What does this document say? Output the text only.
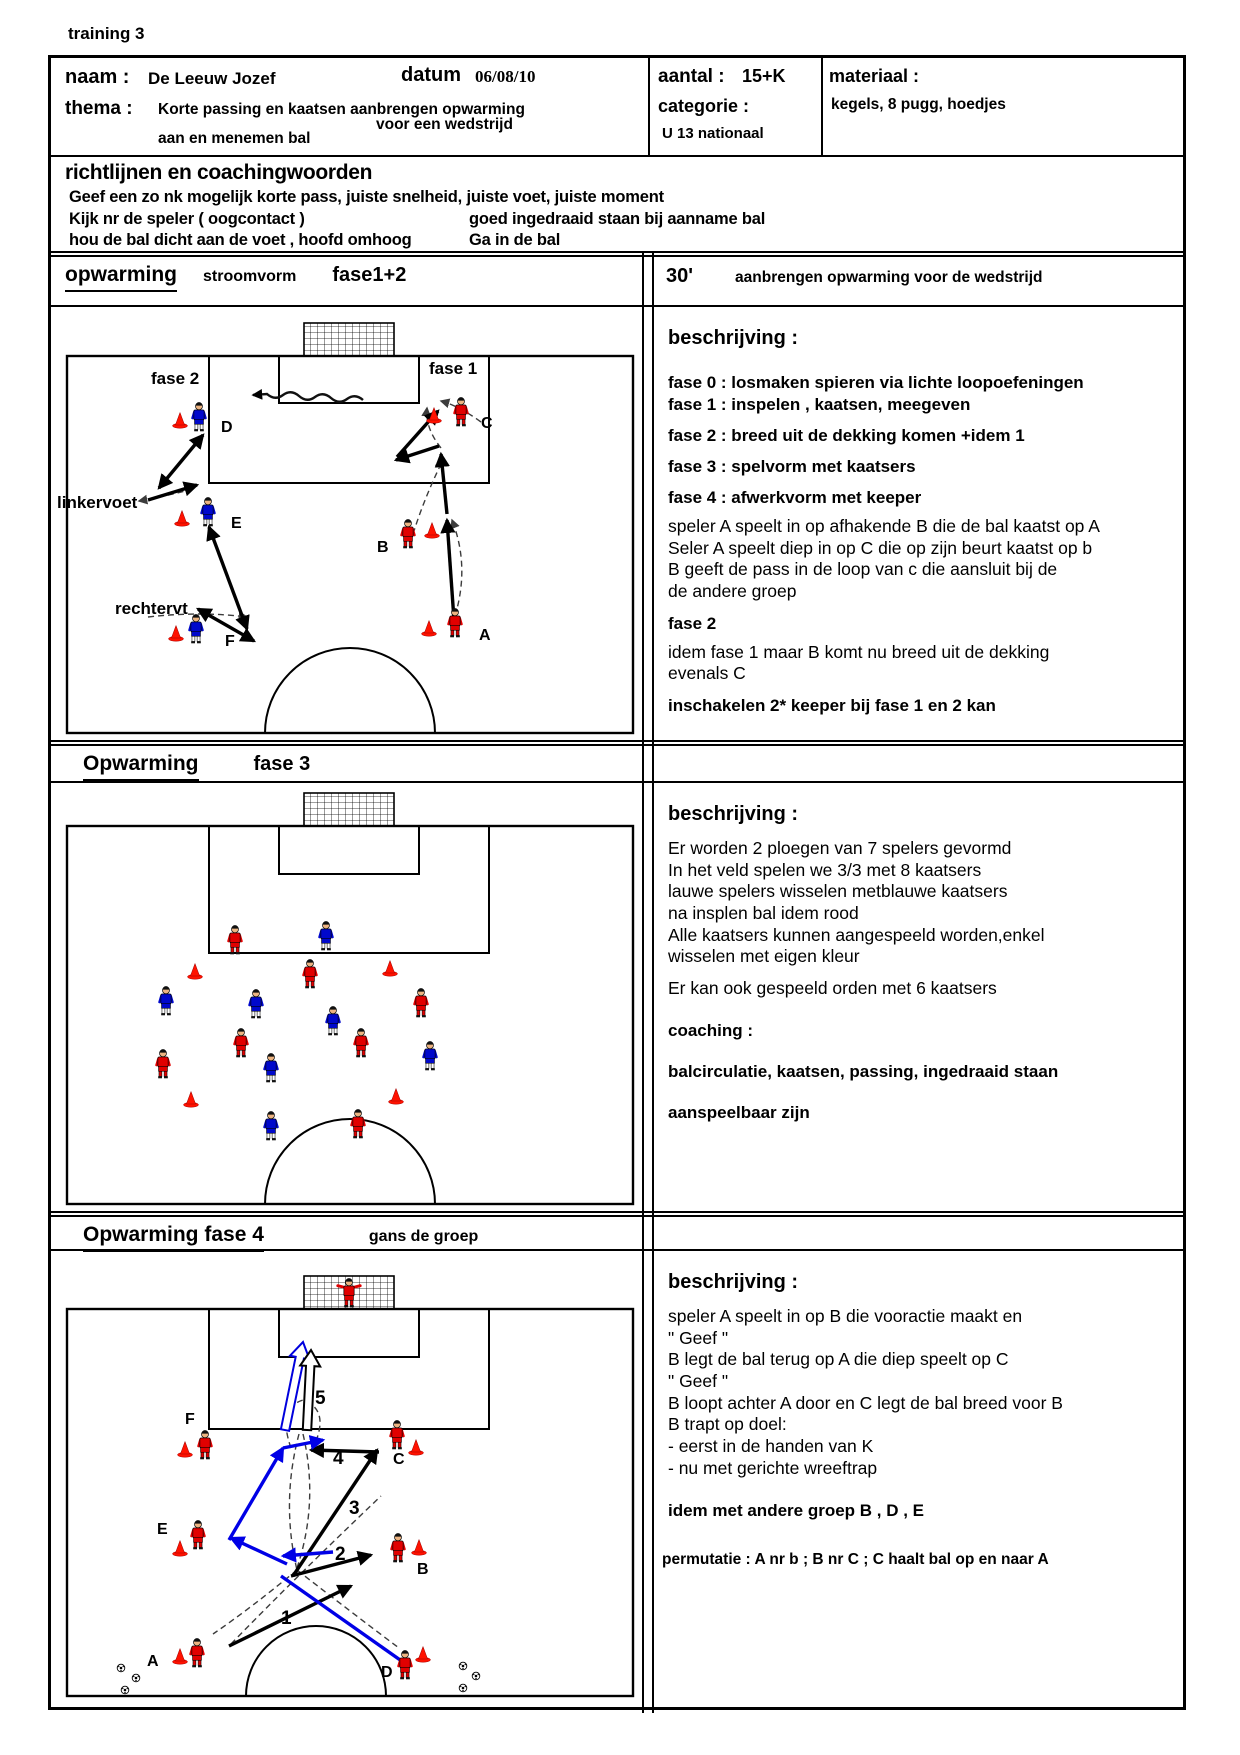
training 3
naam : De Leeuw Jozef	datum 06/08/10
thema : Korte passing en kaatsen aanbrengen opwarming
voor een wedstrijd
aan en menemen bal
aantal : 15+K
categorie :
U 13 nationaal
materiaal :
kegels, 8 pugg, hoedjes
richtlijnen en coachingwoorden
Geef een zo nk mogelijk korte pass, juiste snelheid, juiste voet, juiste moment
Kijk nr de speler ( oogcontact )	goed ingedraaid staan bij aanname bal
hou de bal dicht aan de voet , hoofd omhoog	Ga in de bal
opwarming stroomvorm fase1+2	30'	aanbrengen opwarming voor de wedstrijd
fase 2
fase 1
D	C
linkervoet
E
B
rechtervt
F	A
beschrijving :
fase 0 : losmaken spieren via lichte loopoefeningen
fase 1 : inspelen , kaatsen, meegeven
fase 2 : breed uit de dekking komen +idem 1
fase 3 : spelvorm met kaatsers
fase 4 : afwerkvorm met keeper
speler A speelt in op afhakende B die de bal kaatst op A
Seler A speelt diep in op C die op zijn beurt kaatst op b
B geeft de pass in de loop van c die aansluit bij de
de andere groep
fase 2
idem fase 1 maar B komt nu breed uit de dekking
evenals C
inschakelen 2* keeper bij fase 1 en 2 kan
Opwarming	fase 3
beschrijving :
Er worden 2 ploegen van 7 spelers gevormd
In het veld spelen we 3/3 met 8 kaatsers
lauwe spelers wisselen metblauwe kaatsers
na insplen bal idem rood
Alle kaatsers kunnen aangespeeld worden,enkel
wisselen met eigen kleur
Er kan ook gespeeld orden met 6 kaatsers
coaching :
balcirculatie, kaatsen, passing, ingedraaid staan
aanspeelbaar zijn
Opwarming fase 4	gans de groep
F
C
E
B
A
D
5
4
3
2
1
beschrijving :
speler A speelt in op B die vooractie maakt en
" Geef "
B legt de bal terug op A die diep speelt op C
" Geef "
B loopt achter A door en C legt de bal breed voor B
B trapt op doel:
- eerst in de handen van K
- nu met gerichte wreeftrap
idem met andere groep B , D , E
permutatie : A nr b ; B nr C ; C haalt bal op en naar A
